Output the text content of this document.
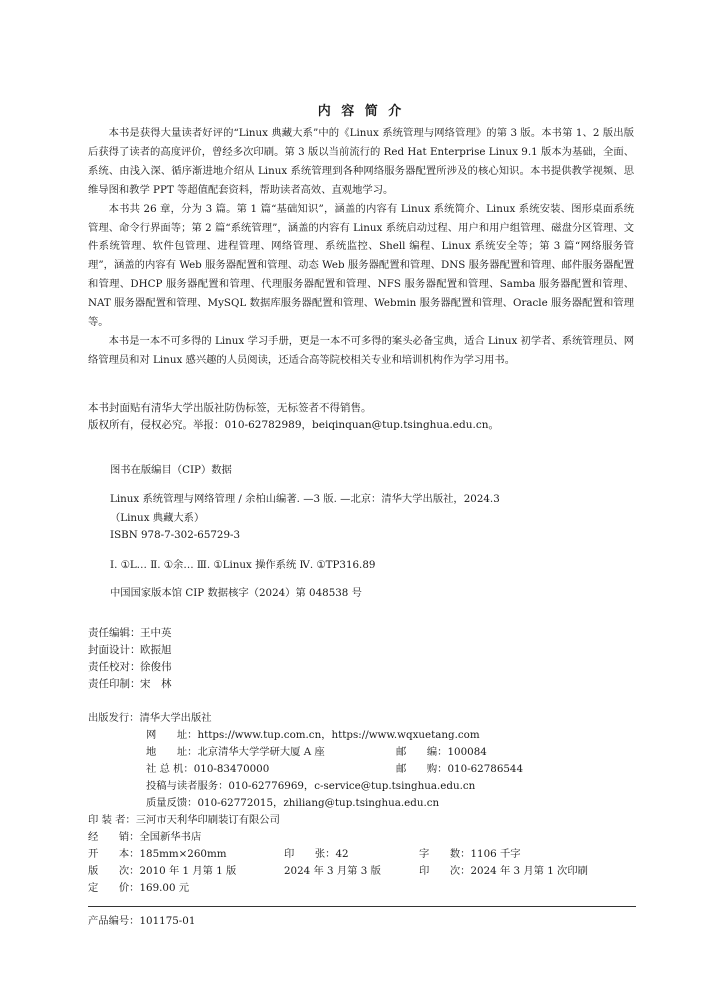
内 容 简 介

本书是获得大量读者好评的“Linux 典藏大系”中的《Linux 系统管理与网络管理》的第 3 版。本书第 1、2 版出版后获得了读者的高度评价，曾经多次印刷。第 3 版以当前流行的 Red Hat Enterprise Linux 9.1 版本为基础，全面、系统、由浅入深、循序渐进地介绍从 Linux 系统管理到各种网络服务器配置所涉及的核心知识。本书提供教学视频、思维导图和教学 PPT 等超值配套资料，帮助读者高效、直观地学习。

本书共 26 章，分为 3 篇。第 1 篇“基础知识”，涵盖的内容有 Linux 系统简介、Linux 系统安装、图形桌面系统管理、命令行界面等；第 2 篇“系统管理”，涵盖的内容有 Linux 系统启动过程、用户和用户组管理、磁盘分区管理、文件系统管理、软件包管理、进程管理、网络管理、系统监控、Shell 编程、Linux 系统安全等；第 3 篇“网络服务管理”，涵盖的内容有 Web 服务器配置和管理、动态 Web 服务器配置和管理、DNS 服务器配置和管理、邮件服务器配置和管理、DHCP 服务器配置和管理、代理服务器配置和管理、NFS 服务器配置和管理、Samba 服务器配置和管理、NAT 服务器配置和管理、MySQL 数据库服务器配置和管理、Webmin 服务器配置和管理、Oracle 服务器配置和管理等。

本书是一本不可多得的 Linux 学习手册，更是一本不可多得的案头必备宝典，适合 Linux 初学者、系统管理员、网络管理员和对 Linux 感兴趣的人员阅读，还适合高等院校相关专业和培训机构作为学习用书。

本书封面贴有清华大学出版社防伪标签，无标签者不得销售。
版权所有，侵权必究。举报：010-62782989，beiqinquan@tup.tsinghua.edu.cn。
图书在版编目（CIP）数据
Linux 系统管理与网络管理 / 余柏山编著. —3 版. —北京：清华大学出版社，2024.3
（Linux 典藏大系）
ISBN 978-7-302-65729-3
Ⅰ. ①L… Ⅱ. ①余… Ⅲ. ①Linux 操作系统 Ⅳ. ①TP316.89
中国国家版本馆 CIP 数据核字（2024）第 048538 号
责任编辑：王中英
封面设计：欧振旭
责任校对：徐俊伟
责任印制：宋　林
出版发行：清华大学出版社
网　　址：https://www.tup.com.cn，https://www.wqxuetang.com
地　　址：北京清华大学学研大厦 A 座	邮　　编：100084
社 总 机：010-83470000	邮　　购：010-62786544
投稿与读者服务：010-62776969，c-service@tup.tsinghua.edu.cn
质量反馈：010-62772015，zhiliang@tup.tsinghua.edu.cn
印 装 者：三河市天利华印刷装订有限公司
经　　销：全国新华书店
开　　本：185mm×260mm	印　　张：42	字　　数：1106 千字
版　　次：2010 年 1 月第 1 版	2024 年 3 月第 3 版	印　　次：2024 年 3 月第 1 次印刷
定　　价：169.00 元
产品编号：101175-01
